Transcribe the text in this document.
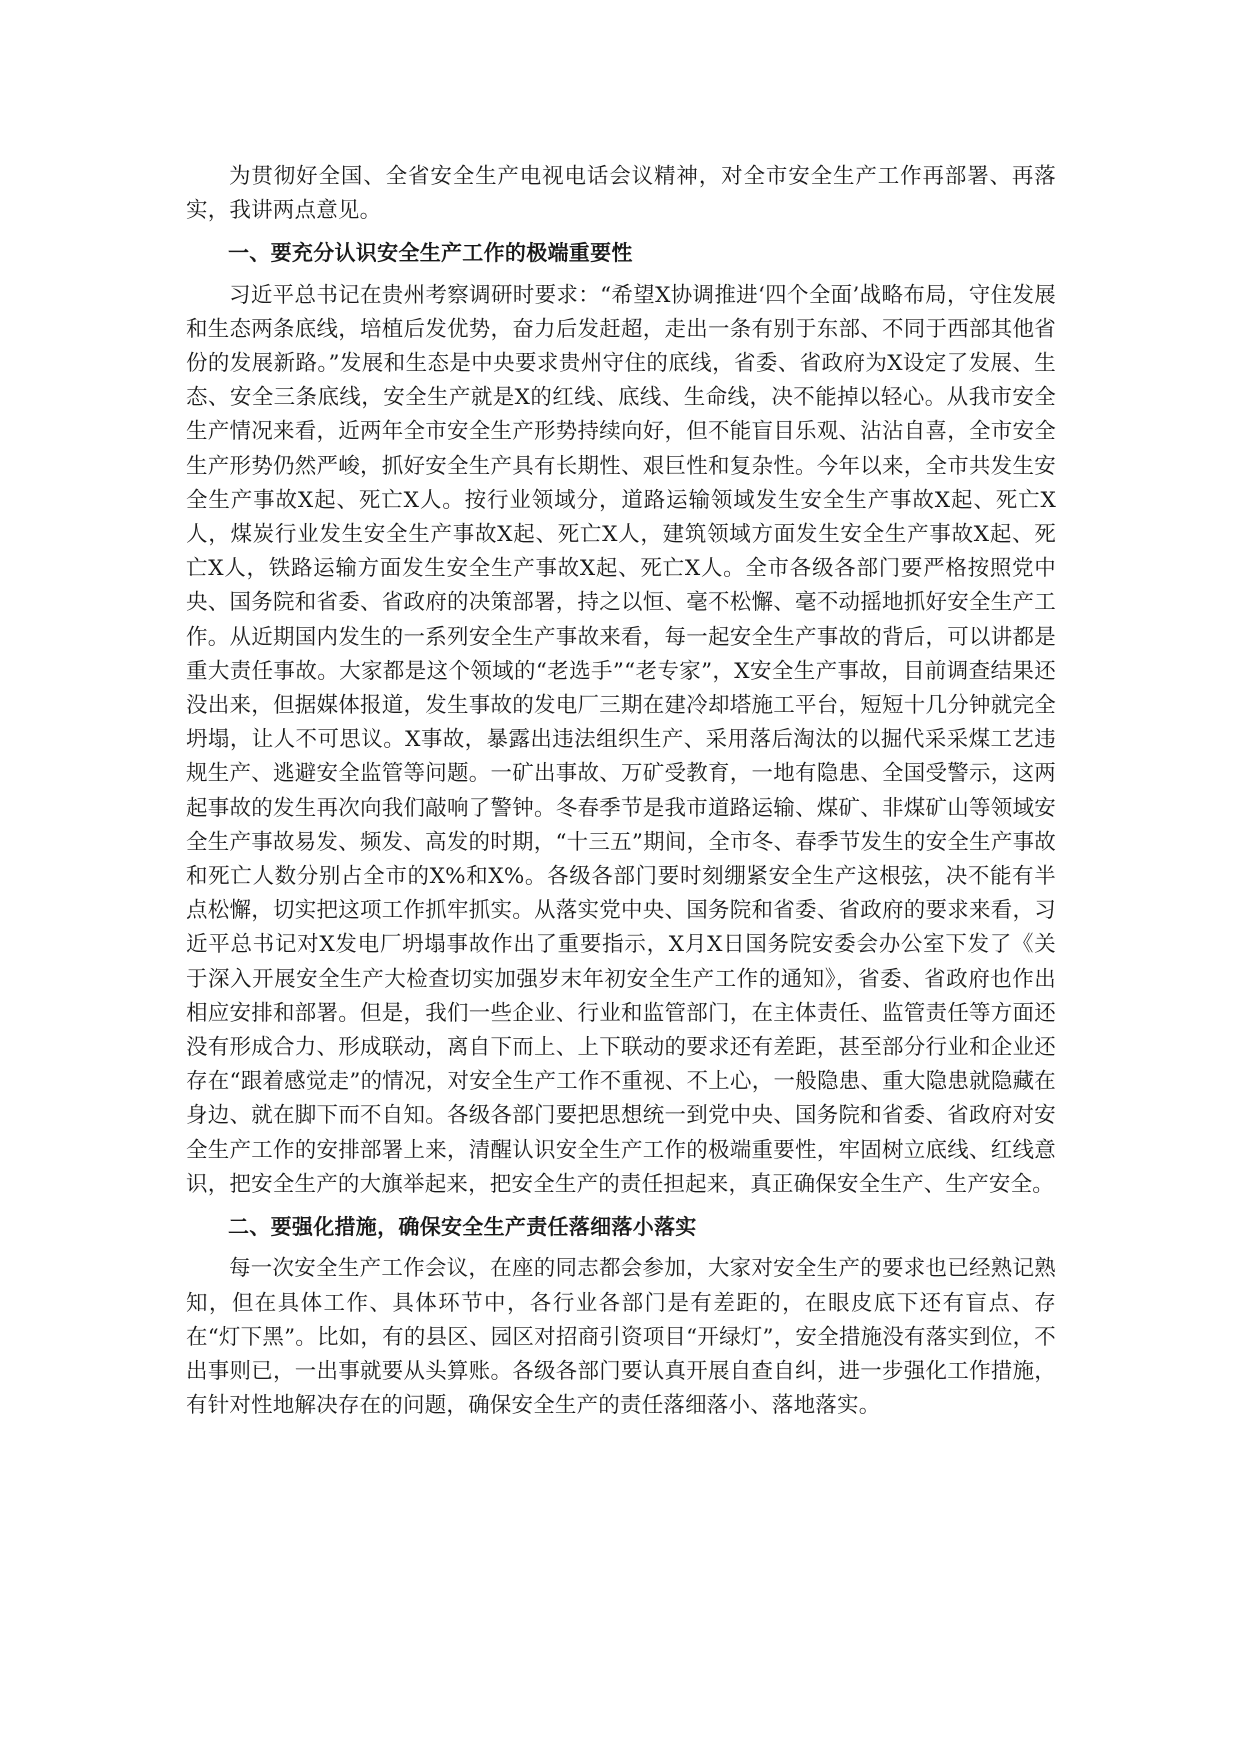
为贯彻好全国、全省安全生产电视电话会议精神，对全市安全生产工作再部署、再落实，我讲两点意见。

一、要充分认识安全生产工作的极端重要性

习近平总书记在贵州考察调研时要求：“希望X协调推进‘四个全面’战略布局，守住发展和生态两条底线，培植后发优势，奋力后发赶超，走出一条有别于东部、不同于西部其他省份的发展新路。”发展和生态是中央要求贵州守住的底线，省委、省政府为X设定了发展、生态、安全三条底线，安全生产就是X的红线、底线、生命线，决不能掉以轻心。从我市安全生产情况来看，近两年全市安全生产形势持续向好，但不能盲目乐观、沾沾自喜，全市安全生产形势仍然严峻，抓好安全生产具有长期性、艰巨性和复杂性。今年以来，全市共发生安全生产事故X起、死亡X人。按行业领域分，道路运输领域发生安全生产事故X起、死亡X人，煤炭行业发生安全生产事故X起、死亡X人，建筑领域方面发生安全生产事故X起、死亡X人，铁路运输方面发生安全生产事故X起、死亡X人。全市各级各部门要严格按照党中央、国务院和省委、省政府的决策部署，持之以恒、毫不松懈、毫不动摇地抓好安全生产工作。从近期国内发生的一系列安全生产事故来看，每一起安全生产事故的背后，可以讲都是重大责任事故。大家都是这个领域的“老选手”“老专家”，X安全生产事故，目前调查结果还没出来，但据媒体报道，发生事故的发电厂三期在建冷却塔施工平台，短短十几分钟就完全坍塌，让人不可思议。X事故，暴露出违法组织生产、采用落后淘汰的以掘代采采煤工艺违规生产、逃避安全监管等问题。一矿出事故、万矿受教育，一地有隐患、全国受警示，这两起事故的发生再次向我们敲响了警钟。冬春季节是我市道路运输、煤矿、非煤矿山等领域安全生产事故易发、频发、高发的时期，“十三五”期间，全市冬、春季节发生的安全生产事故和死亡人数分别占全市的X%和X%。各级各部门要时刻绷紧安全生产这根弦，决不能有半点松懈，切实把这项工作抓牢抓实。从落实党中央、国务院和省委、省政府的要求来看，习近平总书记对X发电厂坍塌事故作出了重要指示，X月X日国务院安委会办公室下发了《关于深入开展安全生产大检查切实加强岁末年初安全生产工作的通知》，省委、省政府也作出相应安排和部署。但是，我们一些企业、行业和监管部门，在主体责任、监管责任等方面还没有形成合力、形成联动，离自下而上、上下联动的要求还有差距，甚至部分行业和企业还存在“跟着感觉走”的情况，对安全生产工作不重视、不上心，一般隐患、重大隐患就隐藏在身边、就在脚下而不自知。各级各部门要把思想统一到党中央、国务院和省委、省政府对安全生产工作的安排部署上来，清醒认识安全生产工作的极端重要性，牢固树立底线、红线意识，把安全生产的大旗举起来，把安全生产的责任担起来，真正确保安全生产、生产安全。

二、要强化措施，确保安全生产责任落细落小落实

每一次安全生产工作会议，在座的同志都会参加，大家对安全生产的要求也已经熟记熟知，但在具体工作、具体环节中，各行业各部门是有差距的，在眼皮底下还有盲点、存在“灯下黑”。比如，有的县区、园区对招商引资项目“开绿灯”，安全措施没有落实到位，不出事则已，一出事就要从头算账。各级各部门要认真开展自查自纠，进一步强化工作措施，有针对性地解决存在的问题，确保安全生产的责任落细落小、落地落实。
